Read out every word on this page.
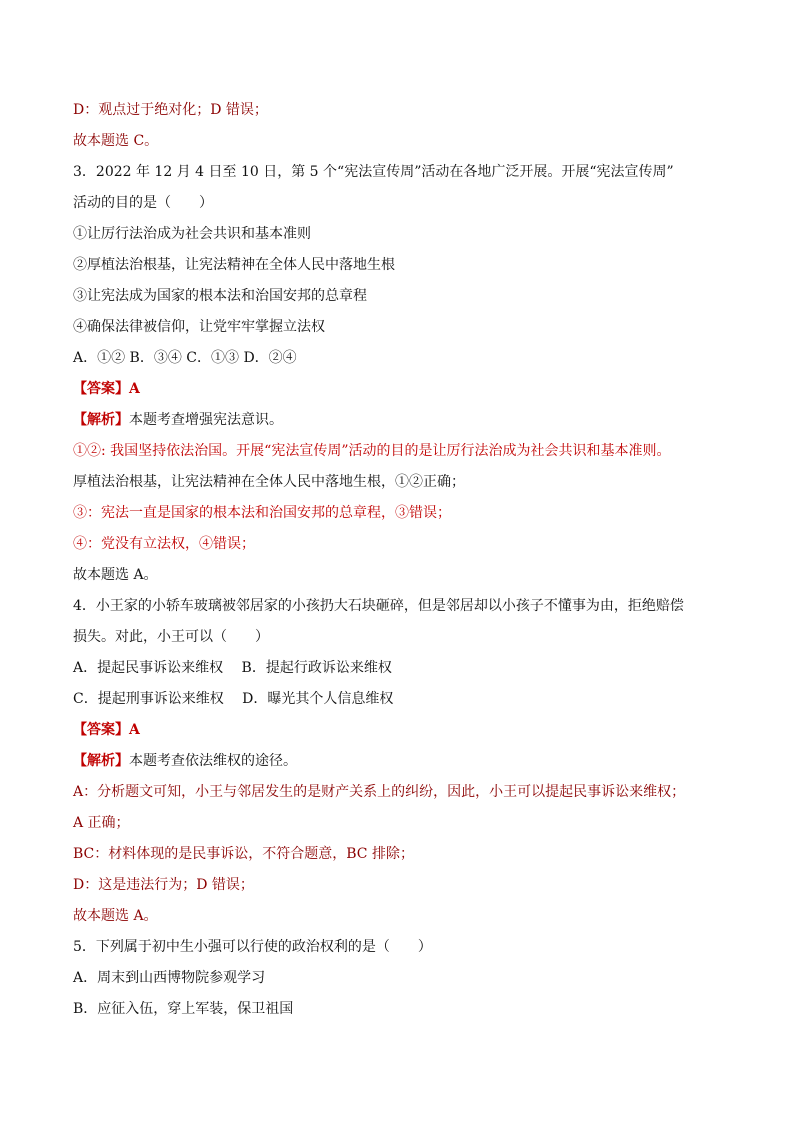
D：观点过于绝对化；D 错误；

故本题选 C。

3．2022 年 12 月 4 日至 10 日，第 5 个“宪法宣传周”活动在各地广泛开展。开展“宪法宣传周”

活动的目的是（　　）

①让厉行法治成为社会共识和基本准则

②厚植法治根基，让宪法精神在全体人民中落地生根

③让宪法成为国家的根本法和治国安邦的总章程

④确保法律被信仰，让党牢牢掌握立法权

A．①② B．③④ C．①③ D．②④

【答案】A

【解析】本题考查增强宪法意识。

①②: 我国坚持依法治国。开展“宪法宣传周”活动的目的是让厉行法治成为社会共识和基本准则。

厚植法治根基，让宪法精神在全体人民中落地生根，①②正确；

③：宪法一直是国家的根本法和治国安邦的总章程，③错误；

④：党没有立法权，④错误；

故本题选 A。

4．小王家的小轿车玻璃被邻居家的小孩扔大石块砸碎，但是邻居却以小孩子不懂事为由，拒绝赔偿

损失。对此，小王可以（　　）

A．提起民事诉讼来维权　 B．提起行政诉讼来维权

C．提起刑事诉讼来维权　 D．曝光其个人信息维权

【答案】A

【解析】本题考查依法维权的途径。

A：分析题文可知，小王与邻居发生的是财产关系上的纠纷，因此，小王可以提起民事诉讼来维权；

A 正确；

BC：材料体现的是民事诉讼，不符合题意，BC 排除；

D：这是违法行为；D 错误；

故本题选 A。

5．下列属于初中生小强可以行使的政治权利的是（　　）

A．周末到山西博物院参观学习

B．应征入伍，穿上军装，保卫祖国
